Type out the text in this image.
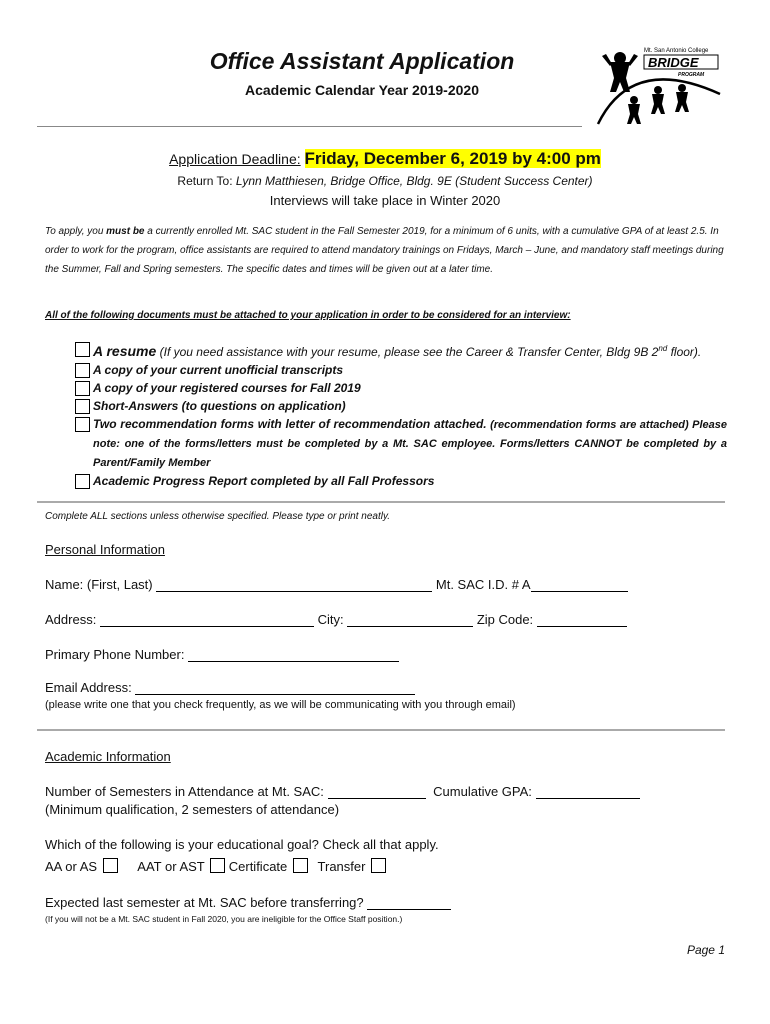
Office Assistant Application
Academic Calendar Year 2019-2020
Mt. San Antonio College
BRIDGE
PROGRAM
Application Deadline: Friday, December 6, 2019 by 4:00 pm
Return To: Lynn Matthiesen, Bridge Office, Bldg. 9E (Student Success Center)
Interviews will take place in Winter 2020
To apply, you must be a currently enrolled Mt. SAC student in the Fall Semester 2019, for a minimum of 6 units, with a cumulative GPA of at least 2.5. In order to work for the program, office assistants are required to attend mandatory trainings on Fridays, March – June, and mandatory staff meetings during the Summer, Fall and Spring semesters. The specific dates and times will be given out at a later time.
All of the following documents must be attached to your application in order to be considered for an interview:
A resume (If you need assistance with your resume, please see the Career & Transfer Center, Bldg 9B 2nd floor).
A copy of your current unofficial transcripts
A copy of your registered courses for Fall 2019
Short-Answers (to questions on application)
Two recommendation forms with letter of recommendation attached. (recommendation forms are attached) Please note: one of the forms/letters must be completed by a Mt. SAC employee. Forms/letters CANNOT be completed by a Parent/Family Member
Academic Progress Report completed by all Fall Professors
Complete ALL sections unless otherwise specified. Please type or print neatly.
Personal Information
Name: (First, Last)	Mt. SAC I.D. # A
Address:	City:	Zip Code:
Primary Phone Number:
Email Address:
(please write one that you check frequently, as we will be communicating with you through email)
Academic Information
Number of Semesters in Attendance at Mt. SAC:	Cumulative GPA:
(Minimum qualification, 2 semesters of attendance)
Which of the following is your educational goal? Check all that apply.
AA or AS	AAT or AST Certificate Transfer
Expected last semester at Mt. SAC before transferring?
(If you will not be a Mt. SAC student in Fall 2020, you are ineligible for the Office Staff position.)
Page 1
